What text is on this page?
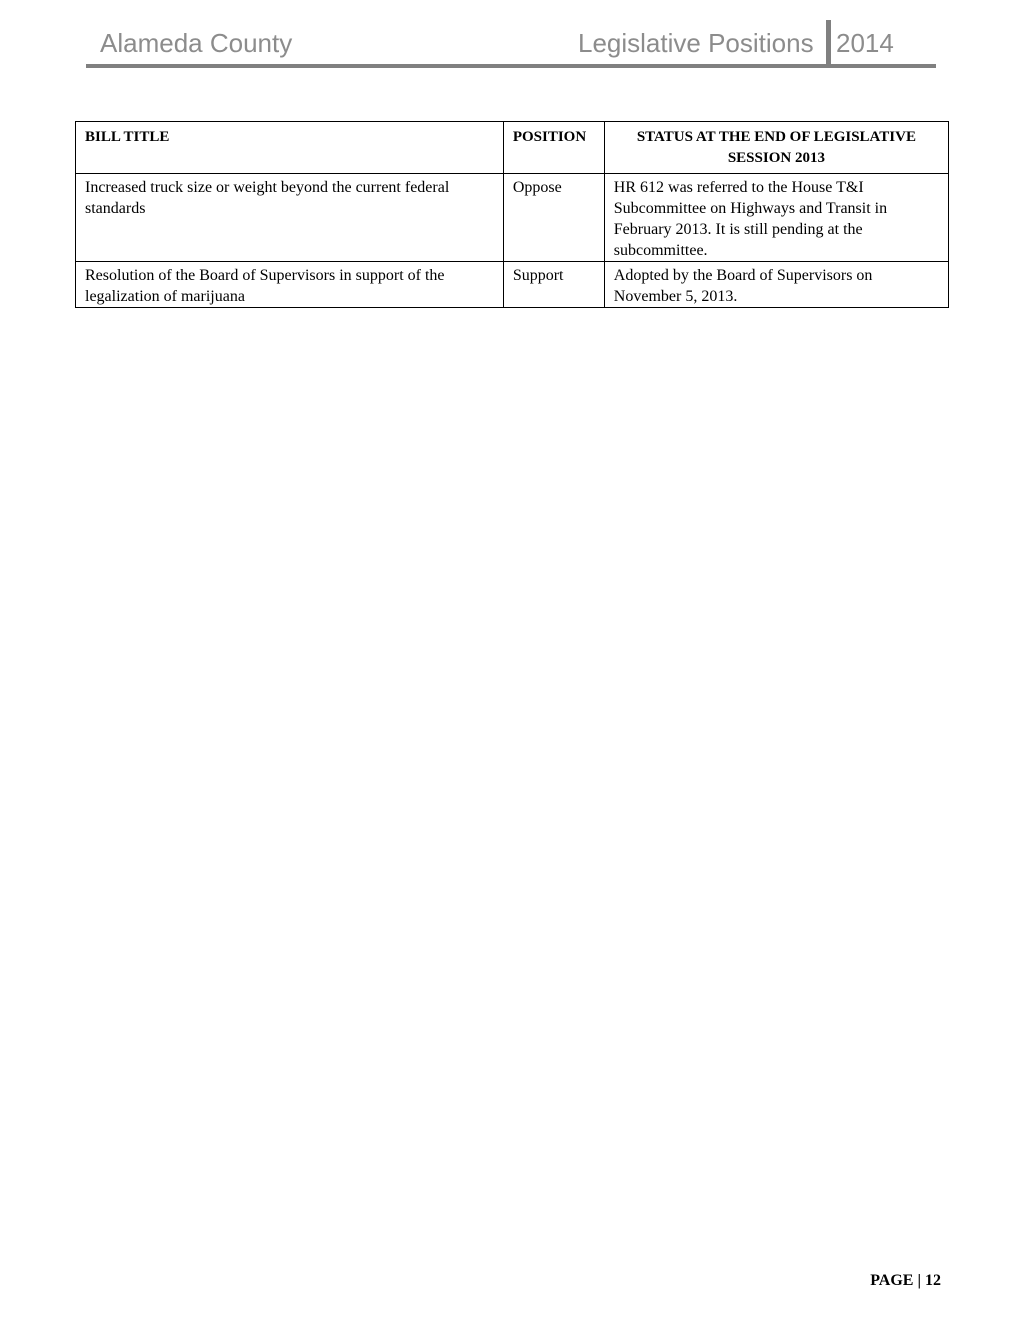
Alameda County	Legislative Positions 2014
BILL TITLE	POSITION	STATUS AT THE END OF LEGISLATIVE SESSION 2013
Increased truck size or weight beyond the current federal standards	Oppose	HR 612 was referred to the House T&I Subcommittee on Highways and Transit in February 2013. It is still pending at the subcommittee.
Resolution of the Board of Supervisors in support of the legalization of marijuana	Support	Adopted by the Board of Supervisors on November 5, 2013.
PAGE | 12
